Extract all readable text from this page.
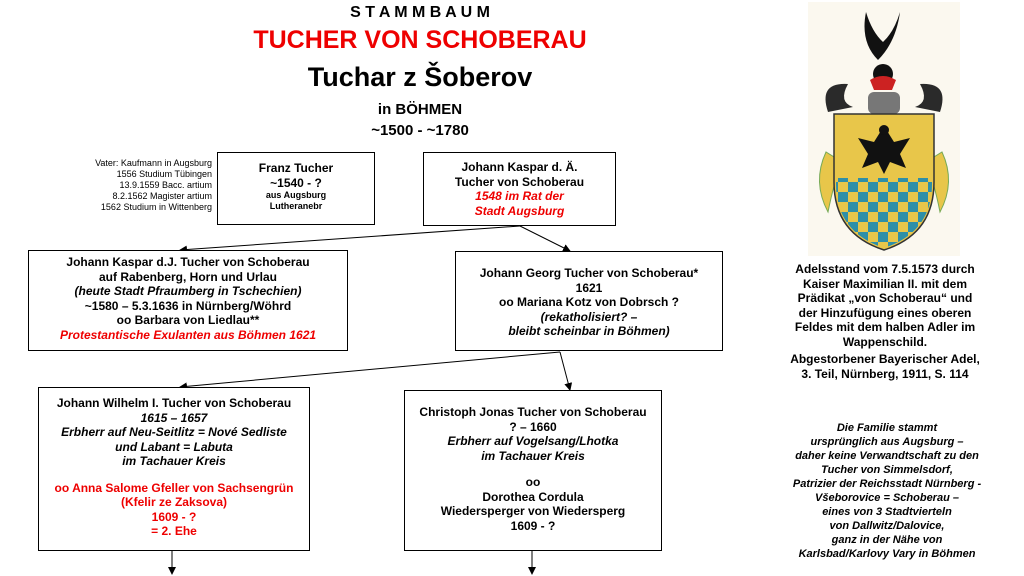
S T A M M B A U M
TUCHER VON SCHOBERAU
Tuchar z Šoberov
in BÖHMEN
~1500 - ~1780
Vater: Kaufmann in Augsburg
1556 Studium Tübingen
13.9.1559 Bacc. artium
8.2.1562 Magister artium
1562 Studium in Wittenberg
Franz Tucher
~1540 - ?
aus Augsburg
Lutheranebr
Johann Kaspar d. Ä.
Tucher von Schoberau
1548 im Rat der
Stadt Augsburg
Johann Kaspar d.J. Tucher von Schoberau
auf Rabenberg, Horn und Urlau
(heute Stadt Pfraumberg in Tschechien)
~1580 – 5.3.1636 in Nürnberg/Wöhrd
oo Barbara von Liedlau**
Protestantische Exulanten aus Böhmen 1621
Johann Georg Tucher von Schoberau*
1621
oo Mariana Kotz von Dobrsch ?
(rekatholisiert? –
bleibt scheinbar in Böhmen)
Johann Wilhelm I. Tucher von Schoberau
1615 – 1657
Erbherr auf Neu-Seitlitz = Nové Sedliste
und Labant = Labuta
im Tachauer Kreis
oo Anna Salome Gfeller von Sachsengrün
(Kfelir ze Zaksova)
1609 - ?
= 2. Ehe
Christoph Jonas Tucher von Schoberau
? – 1660
Erbherr auf Vogelsang/Lhotka
im Tachauer Kreis
oo
Dorothea Cordula
Wiedersperger von Wiedersperg
1609 - ?
Adelsstand vom 7.5.1573 durch
Kaiser Maximilian II. mit dem
Prädikat „von Schoberau“ und
der Hinzufügung eines oberen
Feldes mit dem halben Adler im
Wappenschild.
Abgestorbener Bayerischer Adel,
3. Teil, Nürnberg, 1911, S. 114
Die Familie stammt
ursprünglich aus Augsburg –
daher keine Verwandtschaft zu den
Tucher von Simmelsdorf,
Patrizier der Reichsstadt Nürnberg -
Všeborovice = Schoberau –
eines von 3 Stadtvierteln
von Dallwitz/Dalovice,
ganz in der Nähe von
Karlsbad/Karlovy Vary in Böhmen
